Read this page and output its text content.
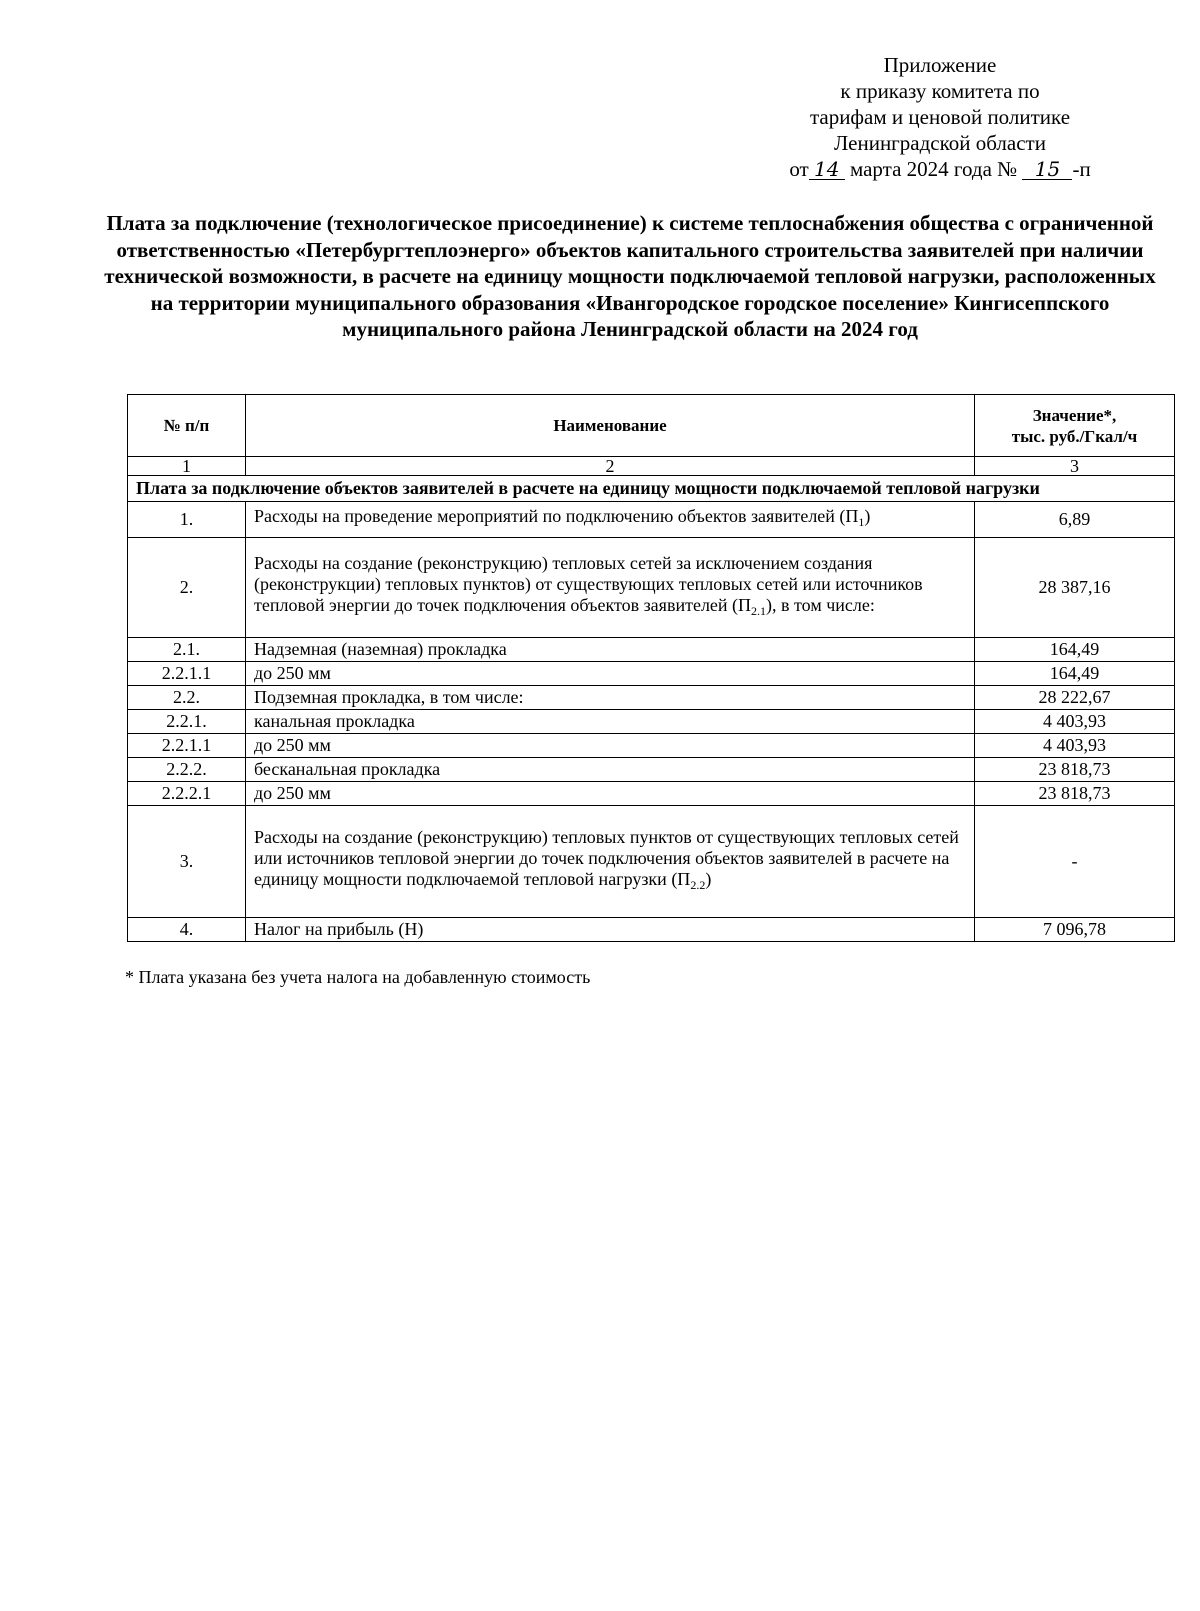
Приложение
к приказу комитета по
тарифам и ценовой политике
Ленинградской области
от 14 марта 2024 года № 15 -п
Плата за подключение (технологическое присоединение) к системе теплоснабжения общества с ограниченной ответственностью «Петербургтеплоэнерго» объектов капитального строительства заявителей при наличии технической возможности, в расчете на единицу мощности подключаемой тепловой нагрузки, расположенных на территории муниципального образования «Ивангородское городское поселение» Кингисеппского муниципального района Ленинградской области на 2024 год
№ п/п	Наименование	Значение*,
тыс. руб./Гкал/ч

1	2	3
Плата за подключение объектов заявителей в расчете на единицу мощности подключаемой тепловой нагрузки		
1.	Расходы на проведение мероприятий по подключению объектов заявителей $(П_1)$	6,89
2.	Расходы на создание (реконструкцию) тепловых сетей за исключением создания (реконструкции) тепловых пунктов) от существующих тепловых сетей или источников тепловой энергии до точек подключения объектов заявителей $(П_{2.1})$, в том числе:	28 387,16
2.1.	Надземная (наземная) прокладка	164,49
2.2.1.1	до 250 мм	164,49
2.2.	Подземная прокладка, в том числе:	28 222,67
2.2.1.	канальная прокладка	4 403,93
2.2.1.1	до 250 мм	4 403,93
2.2.2.	бесканальная прокладка	23 818,73
2.2.2.1	до 250 мм	23 818,73
3.	Расходы на создание (реконструкцию) тепловых пунктов от существующих тепловых сетей или источников тепловой энергии до точек подключения объектов заявителей в расчете на единицу мощности подключаемой тепловой нагрузки $(П_{2.2})$	-
4.	Налог на прибыль (Н)	7 096,78
* Плата указана без учета налога на добавленную стоимость
